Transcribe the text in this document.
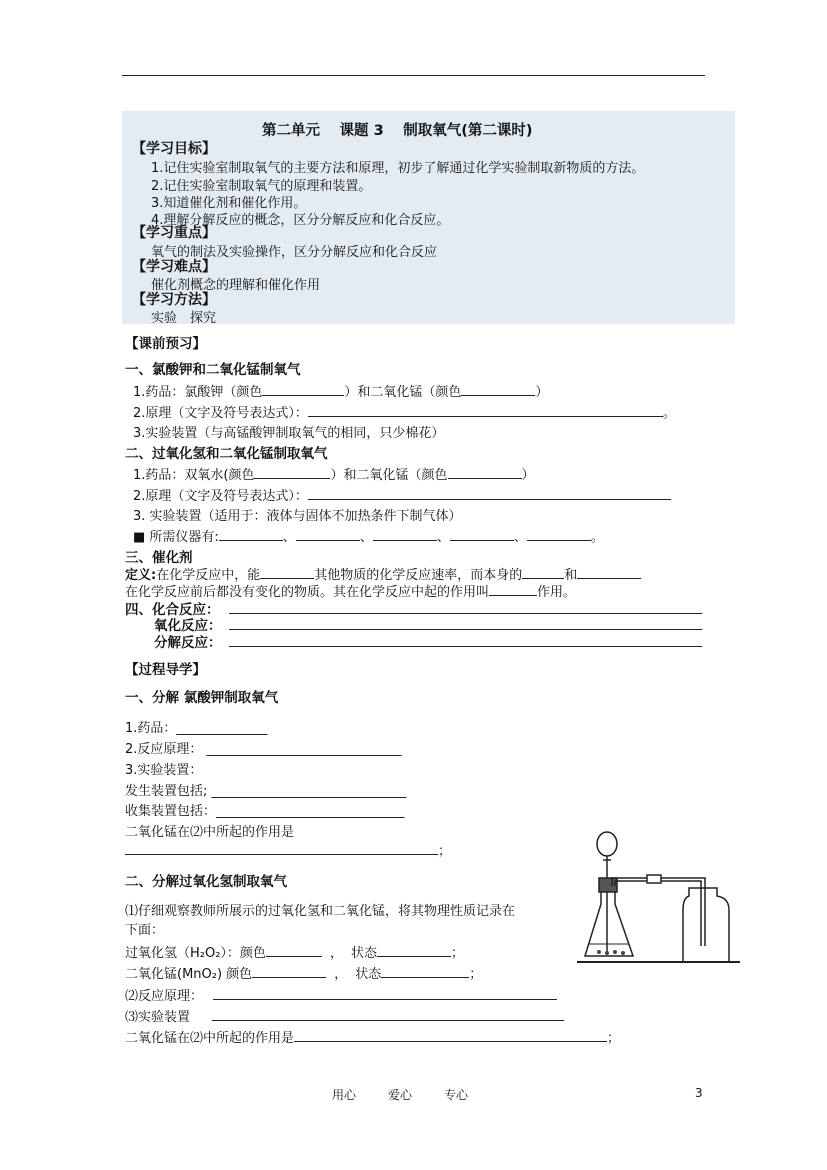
第二单元　 课题 3　 制取氧气(第二课时)
【学习目标】
1.记住实验室制取氧气的主要方法和原理，初步了解通过化学实验制取新物质的方法。
2.记住实验室制取氧气的原理和装置。
3.知道催化剂和催化作用。
4.理解分解反应的概念，区分分解反应和化合反应。
【学习重点】
氧气的制法及实验操作，区分分解反应和化合反应
【学习难点】
催化剂概念的理解和催化作用
【学习方法】
实验　探究
【课前预习】
一、氯酸钾和二氧化锰制氧气
1.药品：氯酸钾（颜色	）和二氧化锰（颜色	）
2.原理（文字及符号表达式）：	。
3.实验装置（与高锰酸钾制取氧气的相同，只少棉花）
二、过氧化氢和二氧化锰制取氧气
1.药品：双氧水(颜色	）和二氧化锰（颜色	）
2.原理（文字及符号表达式）：
3. 实验装置（适用于：液体与固体不加热条件下制气体）
■ 所需仪器有:	、	、	、	、	。
三、催化剂
定义:在化学反应中，能	其他物质的化学反应速率，而本身的	和
在化学反应前后都没有变化的物质。其在化学反应中起的作用叫	作用。
四、化合反应：
氧化反应：
分解反应：
【过程导学】
一、分解 氯酸钾制取氧气
1.药品：______________
2.反应原理： ______________________________
3.实验装置：
发生装置包括; ______________________________
收集装置包括：_____________________________
二氧化锰在⑵中所起的作用是
；
二、分解过氧化氢制取氧气
⑴仔细观察教师所展示的过氧化氢和二氧化锰，将其物理性质记录在
下面：
过氧化氢（H₂O₂）：颜色	， 状态	；
二氧化锰(MnO₂) 颜色	， 状态	；
⑵反应原理：
⑶实验装置
二氧化锰在⑵中所起的作用是	；
用心	爱心	专心	3
